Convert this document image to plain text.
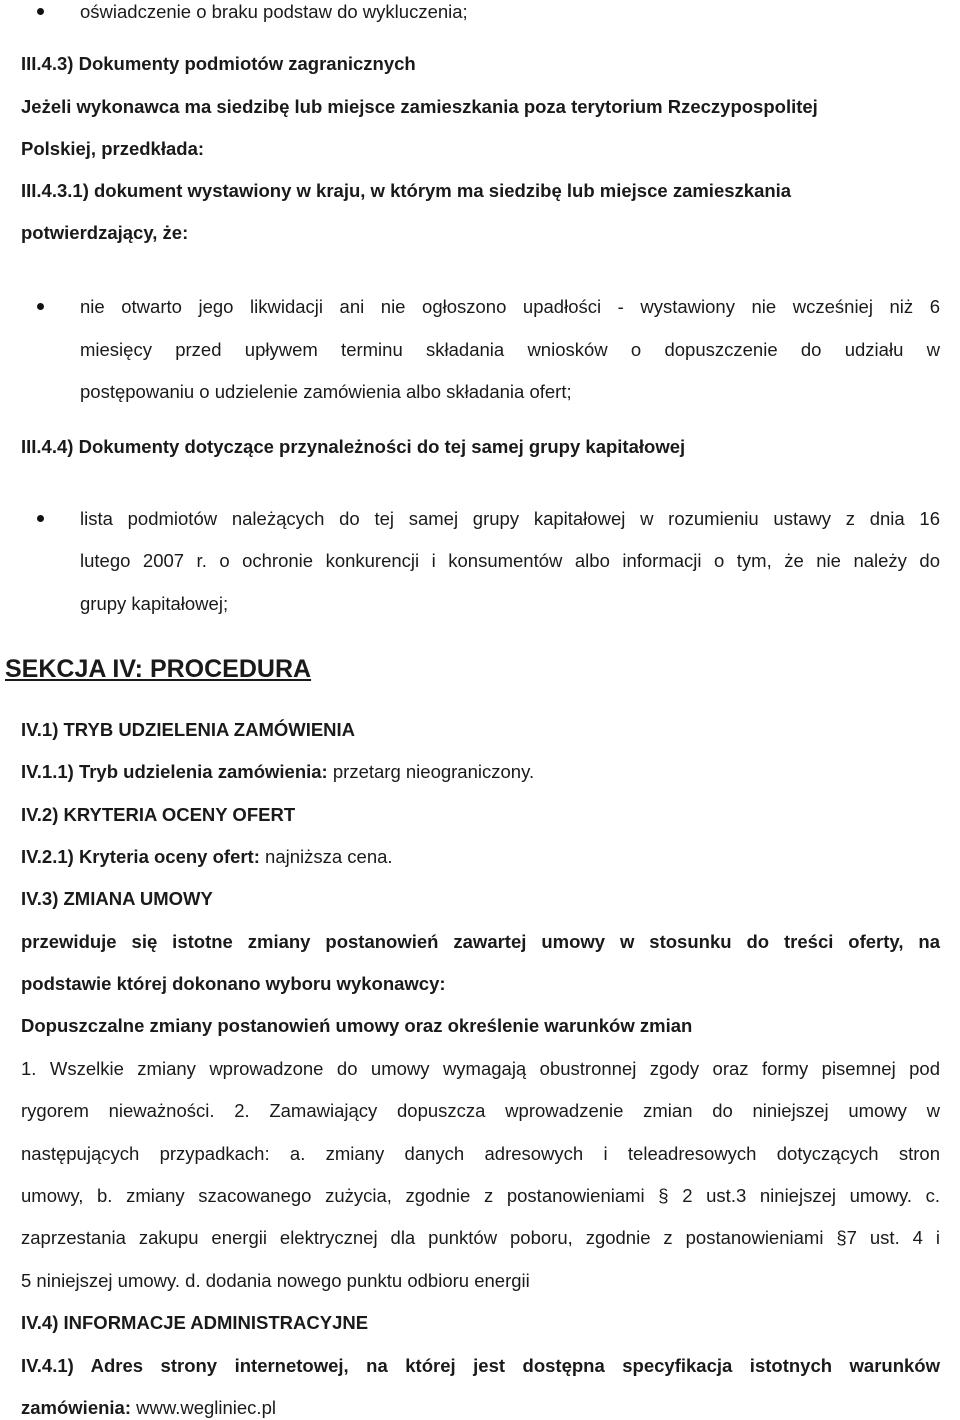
oświadczenie o braku podstaw do wykluczenia;
III.4.3) Dokumenty podmiotów zagranicznych
Jeżeli wykonawca ma siedzibę lub miejsce zamieszkania poza terytorium Rzeczypospolitej
Polskiej, przedkłada:
III.4.3.1) dokument wystawiony w kraju, w którym ma siedzibę lub miejsce zamieszkania
potwierdzający, że:
nie otwarto jego likwidacji ani nie ogłoszono upadłości - wystawiony nie wcześniej niż 6
miesięcy przed upływem terminu składania wniosków o dopuszczenie do udziału w
postępowaniu o udzielenie zamówienia albo składania ofert;
III.4.4) Dokumenty dotyczące przynależności do tej samej grupy kapitałowej
lista podmiotów należących do tej samej grupy kapitałowej w rozumieniu ustawy z dnia 16
lutego 2007 r. o ochronie konkurencji i konsumentów albo informacji o tym, że nie należy do
grupy kapitałowej;
SEKCJA IV: PROCEDURA
IV.1) TRYB UDZIELENIA ZAMÓWIENIA
IV.1.1) Tryb udzielenia zamówienia: przetarg nieograniczony.
IV.2) KRYTERIA OCENY OFERT
IV.2.1) Kryteria oceny ofert: najniższa cena.
IV.3) ZMIANA UMOWY
przewiduje się istotne zmiany postanowień zawartej umowy w stosunku do treści oferty, na
podstawie której dokonano wyboru wykonawcy:
Dopuszczalne zmiany postanowień umowy oraz określenie warunków zmian
1. Wszelkie zmiany wprowadzone do umowy wymagają obustronnej zgody oraz formy pisemnej pod
rygorem nieważności. 2. Zamawiający dopuszcza wprowadzenie zmian do niniejszej umowy w
następujących przypadkach: a. zmiany danych adresowych i teleadresowych dotyczących stron
umowy, b. zmiany szacowanego zużycia, zgodnie z postanowieniami § 2 ust.3 niniejszej umowy. c.
zaprzestania zakupu energii elektrycznej dla punktów poboru, zgodnie z postanowieniami §7 ust. 4 i
5 niniejszej umowy. d. dodania nowego punktu odbioru energii
IV.4) INFORMACJE ADMINISTRACYJNE
IV.4.1) Adres strony internetowej, na której jest dostępna specyfikacja istotnych warunków
zamówienia: www.wegliniec.pl
